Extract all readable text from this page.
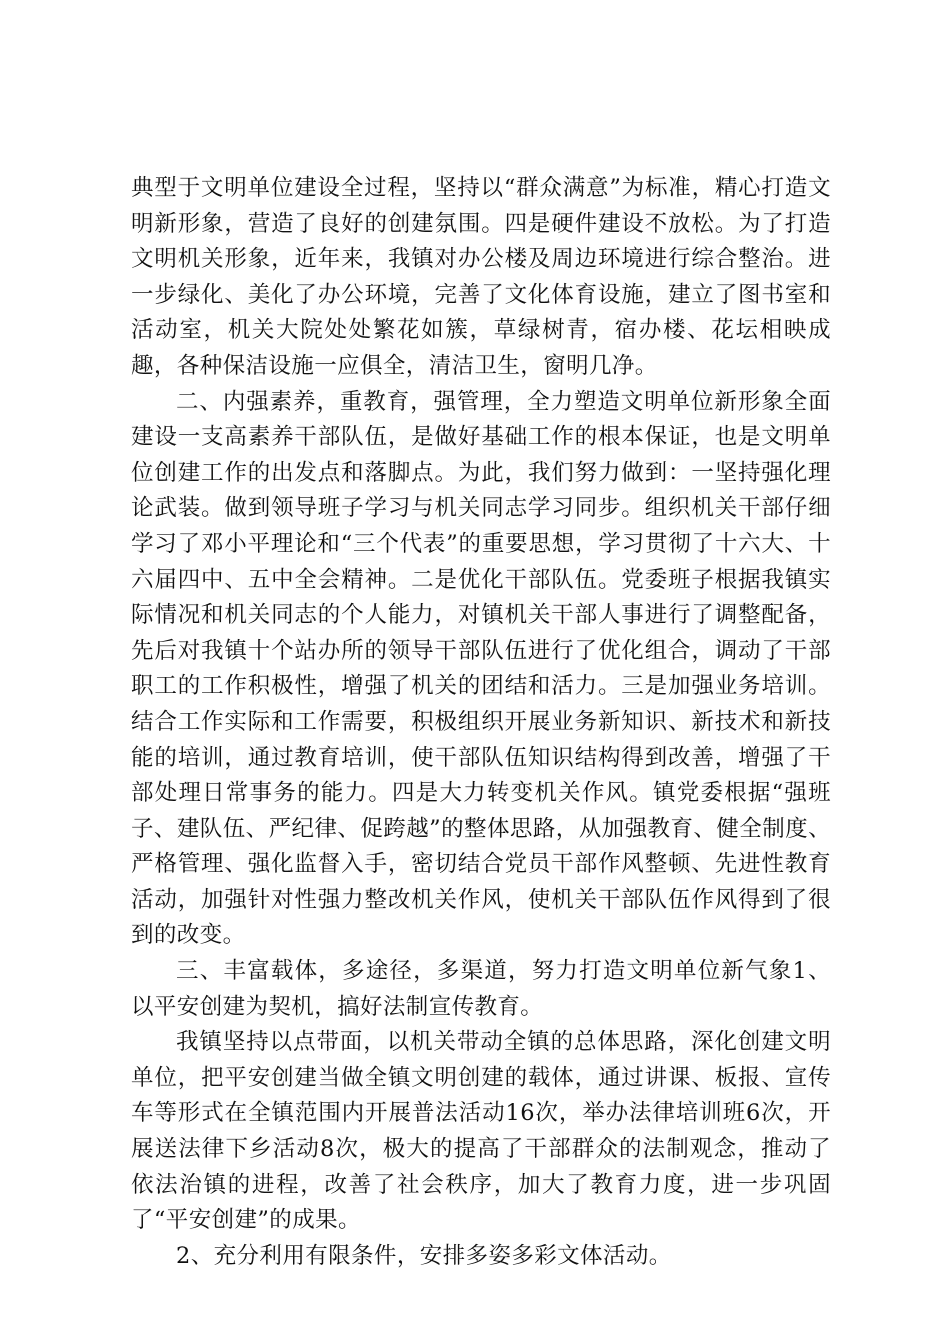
典型于文明单位建设全过程，坚持以“群众满意”为标准，精心打造文明新形象，营造了良好的创建氛围。四是硬件建设不放松。为了打造文明机关形象，近年来，我镇对办公楼及周边环境进行综合整治。进一步绿化、美化了办公环境，完善了文化体育设施，建立了图书室和活动室，机关大院处处繁花如簇，草绿树青，宿办楼、花坛相映成趣，各种保洁设施一应俱全，清洁卫生，窗明几净。

二、内强素养，重教育，强管理，全力塑造文明单位新形象全面建设一支高素养干部队伍，是做好基础工作的根本保证，也是文明单位创建工作的出发点和落脚点。为此，我们努力做到：一坚持强化理论武装。做到领导班子学习与机关同志学习同步。组织机关干部仔细学习了邓小平理论和“三个代表”的重要思想，学习贯彻了十六大、十六届四中、五中全会精神。二是优化干部队伍。党委班子根据我镇实际情况和机关同志的个人能力，对镇机关干部人事进行了调整配备，先后对我镇十个站办所的领导干部队伍进行了优化组合，调动了干部职工的工作积极性，增强了机关的团结和活力。三是加强业务培训。结合工作实际和工作需要，积极组织开展业务新知识、新技术和新技能的培训，通过教育培训，使干部队伍知识结构得到改善，增强了干部处理日常事务的能力。四是大力转变机关作风。镇党委根据“强班子、建队伍、严纪律、促跨越”的整体思路，从加强教育、健全制度、严格管理、强化监督入手，密切结合党员干部作风整顿、先进性教育活动，加强针对性强力整改机关作风，使机关干部队伍作风得到了很到的改变。

三、丰富载体，多途径，多渠道，努力打造文明单位新气象1、以平安创建为契机，搞好法制宣传教育。

我镇坚持以点带面，以机关带动全镇的总体思路，深化创建文明单位，把平安创建当做全镇文明创建的载体，通过讲课、板报、宣传车等形式在全镇范围内开展普法活动16次，举办法律培训班6次，开展送法律下乡活动8次，极大的提高了干部群众的法制观念，推动了依法治镇的进程，改善了社会秩序，加大了教育力度，进一步巩固了“平安创建”的成果。

2、充分利用有限条件，安排多姿多彩文体活动。
